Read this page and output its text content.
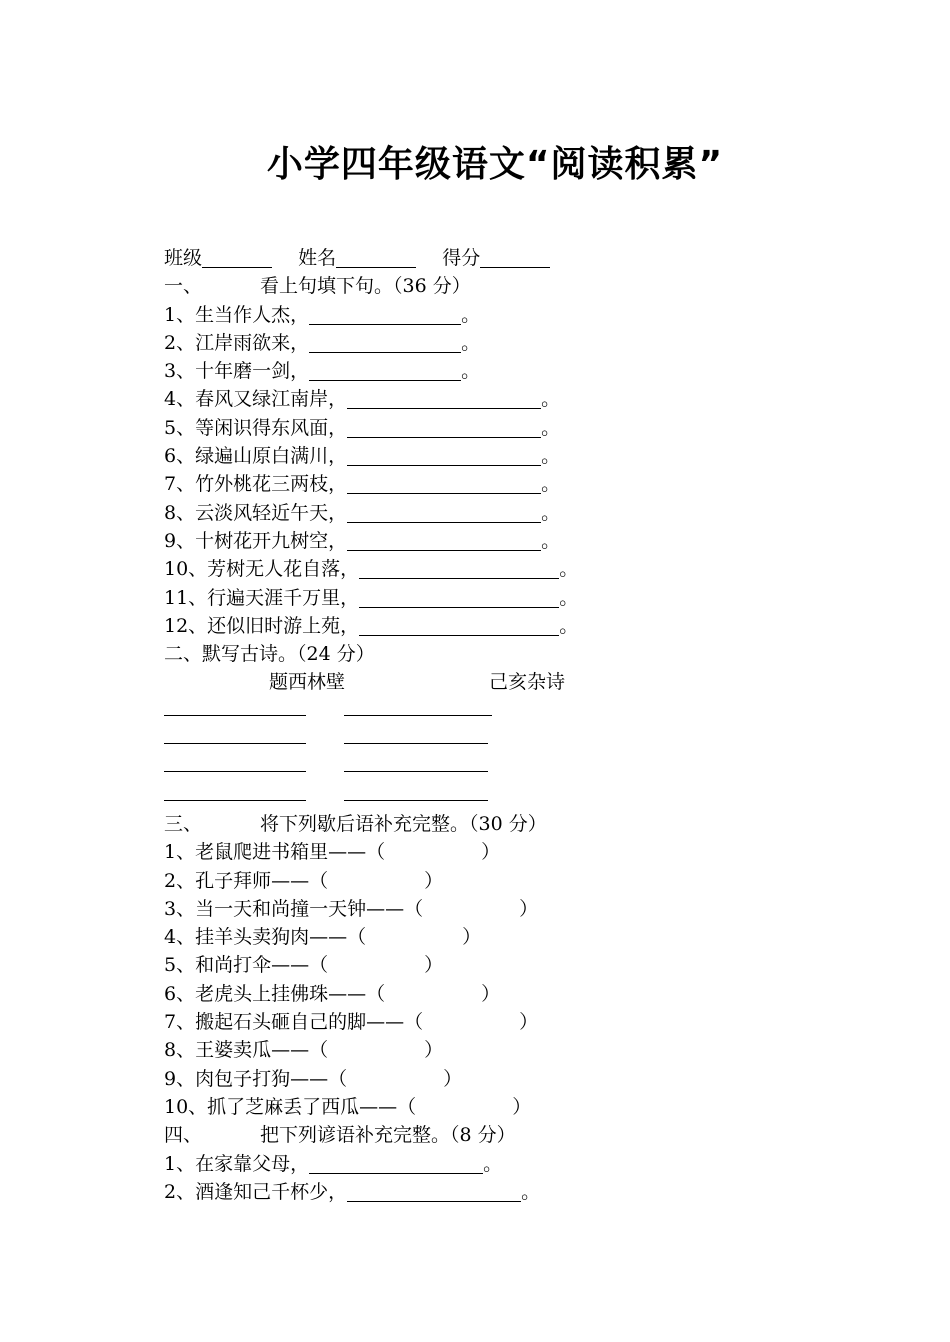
小学四年级语文“阅读积累”
班级	姓名	得分
一、	看上句填下句。（36 分）
1、生当作人杰，	。
2、江岸雨欲来，	。
3、十年磨一剑，	。
4、春风又绿江南岸，	。
5、等闲识得东风面，	。
6、绿遍山原白满川，	。
7、竹外桃花三两枝，	。
8、云淡风轻近午天，	。
9、十树花开九树空，	。
10、芳树无人花自落，	。
11、行遍天涯千万里，	。
12、还似旧时游上苑，	。
二、默写古诗。（24 分）
题西林壁	己亥杂诗
三、	将下列歇后语补充完整。（30 分）
1、老鼠爬进书箱里——（	）
2、孔子拜师——（	）
3、当一天和尚撞一天钟——（	）
4、挂羊头卖狗肉——（	）
5、和尚打伞——（	）
6、老虎头上挂佛珠——（	）
7、搬起石头砸自己的脚——（	）
8、王婆卖瓜——（	）
9、肉包子打狗——（	）
10、抓了芝麻丢了西瓜——（	）
四、	把下列谚语补充完整。（8 分）
1、在家靠父母，	。
2、酒逢知己千杯少，	。
